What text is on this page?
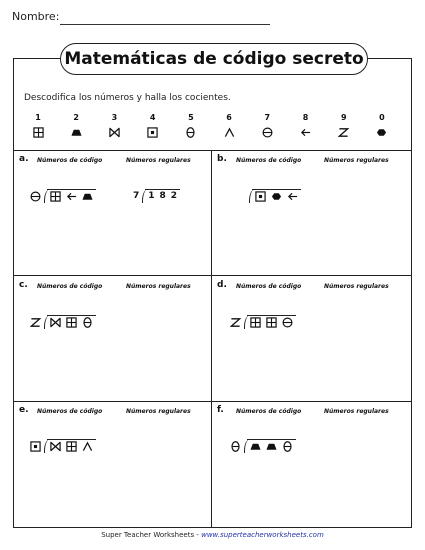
Nombre:
Matemáticas de código secreto
Descodifica los números y halla los cocientes.
1	2	3	4	5	6	7	8	9	0
a. Números de código	Números regulares
7 1 8 2
b. Números de código	Números regulares
c. Números de código	Números regulares	d. Números de código	Números regulares
e. Números de código	Números regulares	f. Números de código	Números regulares
Super Teacher Worksheets - www.superteacherworksheets.com
